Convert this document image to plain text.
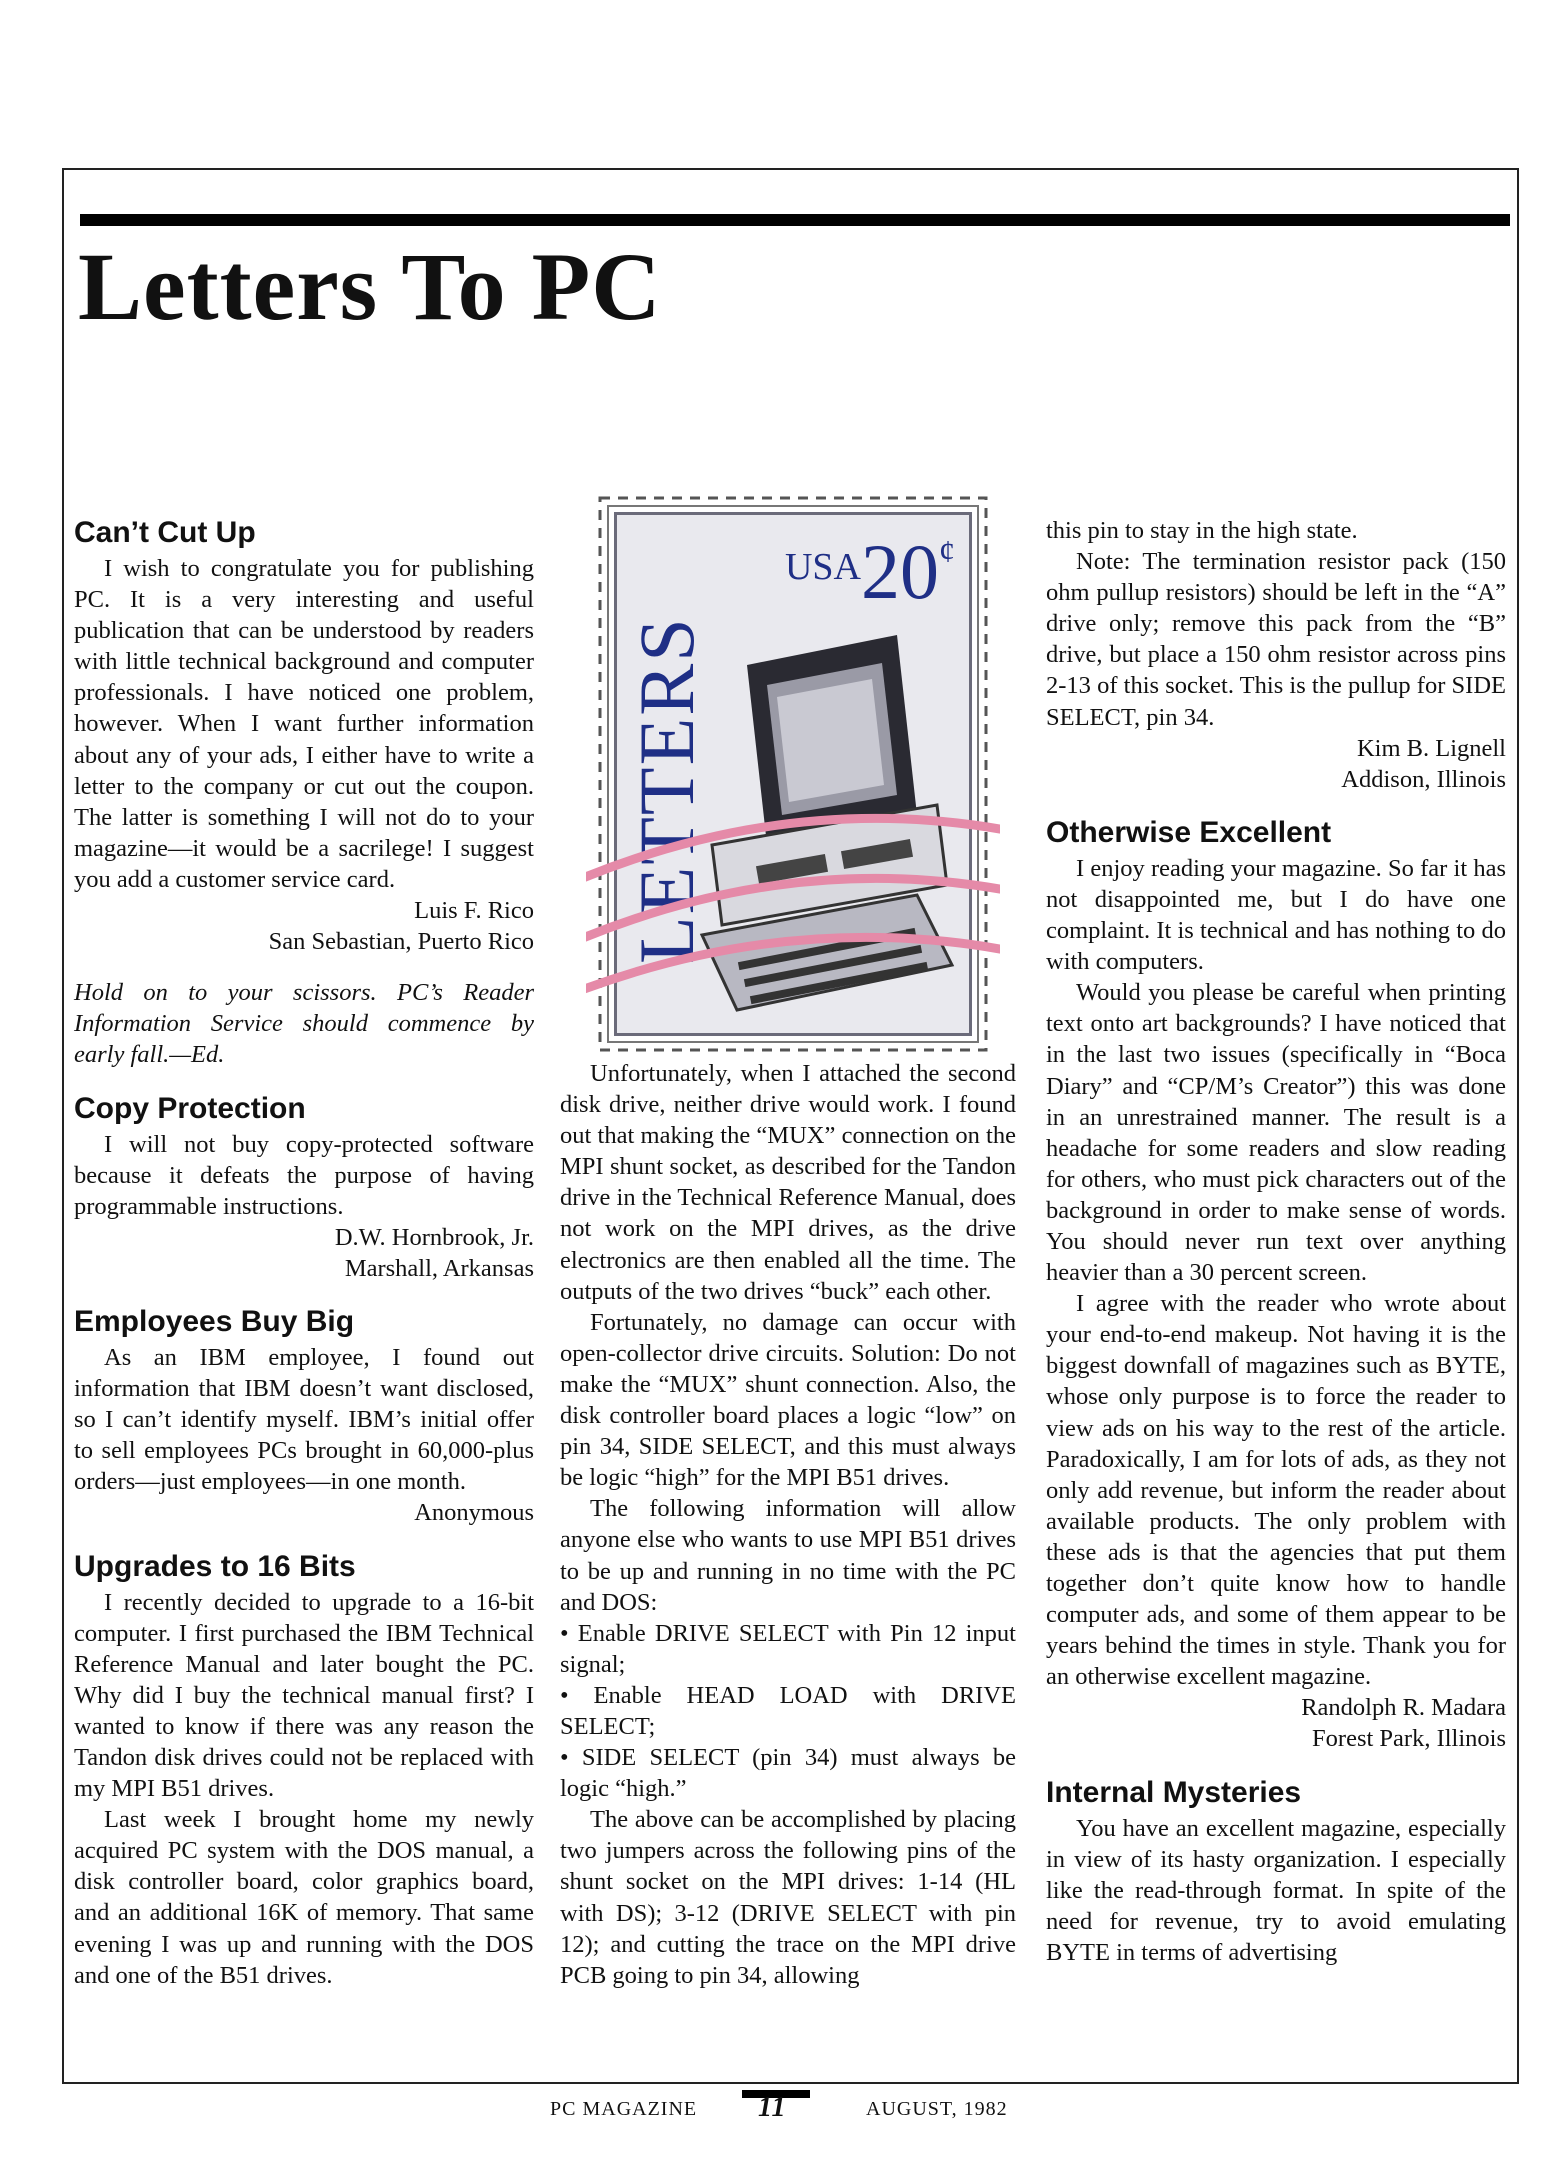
Letters To PC
Can’t Cut Up

I wish to congratulate you for publishing PC. It is a very interesting and useful publication that can be understood by readers with little technical background and computer professionals. I have noticed one problem, however. When I want further information about any of your ads, I either have to write a letter to the company or cut out the coupon. The latter is something I will not do to your magazine—it would be a sacrilege! I suggest you add a customer service card.

Luis F. Rico
San Sebastian, Puerto Rico
Hold on to your scissors. PC’s Reader Information Service should commence by early fall.—Ed.
Copy Protection

I will not buy copy-protected software because it defeats the purpose of having programmable instructions.

D.W. Hornbrook, Jr.
Marshall, Arkansas
Employees Buy Big

As an IBM employee, I found out information that IBM doesn’t want disclosed, so I can’t identify myself. IBM’s initial offer to sell employees PCs brought in 60,000-plus orders—just employees—in one month.

Anonymous
Upgrades to 16 Bits

I recently decided to upgrade to a 16-bit computer. I first purchased the IBM Technical Reference Manual and later bought the PC. Why did I buy the technical manual first? I wanted to know if there was any reason the Tandon disk drives could not be replaced with my MPI B51 drives.

Last week I brought home my newly acquired PC system with the DOS manual, a disk controller board, color graphics board, and an additional 16K of memory. That same evening I was up and running with the DOS and one of the B51 drives.

LETTERS
USA20¢

Unfortunately, when I attached the second disk drive, neither drive would work. I found out that making the “MUX” connection on the MPI shunt socket, as described for the Tandon drive in the Technical Reference Manual, does not work on the MPI drives, as the drive electronics are then enabled all the time. The outputs of the two drives “buck” each other.

Fortunately, no damage can occur with open-collector drive circuits. Solution: Do not make the “MUX” shunt connection. Also, the disk controller board places a logic “low” on pin 34, SIDE SELECT, and this must always be logic “high” for the MPI B51 drives.

The following information will allow anyone else who wants to use MPI B51 drives to be up and running in no time with the PC and DOS:

• Enable DRIVE SELECT with Pin 12 input signal;

• Enable HEAD LOAD with DRIVE SELECT;

• SIDE SELECT (pin 34) must always be logic “high.”

The above can be accomplished by placing two jumpers across the following pins of the shunt socket on the MPI drives: 1-14 (HL with DS); 3-12 (DRIVE SELECT with pin 12); and cutting the trace on the MPI drive PCB going to pin 34, allowing

this pin to stay in the high state.

Note: The termination resistor pack (150 ohm pullup resistors) should be left in the “A” drive only; remove this pack from the “B” drive, but place a 150 ohm resistor across pins 2-13 of this socket. This is the pullup for SIDE SELECT, pin 34.

Kim B. Lignell
Addison, Illinois
Otherwise Excellent

I enjoy reading your magazine. So far it has not disappointed me, but I do have one complaint. It is technical and has nothing to do with computers.

Would you please be careful when printing text onto art backgrounds? I have noticed that in the last two issues (specifically in “Boca Diary” and “CP/M’s Creator”) this was done in an unrestrained manner. The result is a headache for some readers and slow reading for others, who must pick characters out of the background in order to make sense of words. You should never run text over anything heavier than a 30 percent screen.

I agree with the reader who wrote about your end-to-end makeup. Not having it is the biggest downfall of magazines such as BYTE, whose only purpose is to force the reader to view ads on his way to the rest of the article. Paradoxically, I am for lots of ads, as they not only add revenue, but inform the reader about available products. The only problem with these ads is that the agencies that put them together don’t quite know how to handle computer ads, and some of them appear to be years behind the times in style. Thank you for an otherwise excellent magazine.

Randolph R. Madara
Forest Park, Illinois
Internal Mysteries

You have an excellent magazine, especially in view of its hasty organization. I especially like the read-through format. In spite of the need for revenue, try to avoid emulating BYTE in terms of advertising

PC MAGAZINE 11	AUGUST, 1982
